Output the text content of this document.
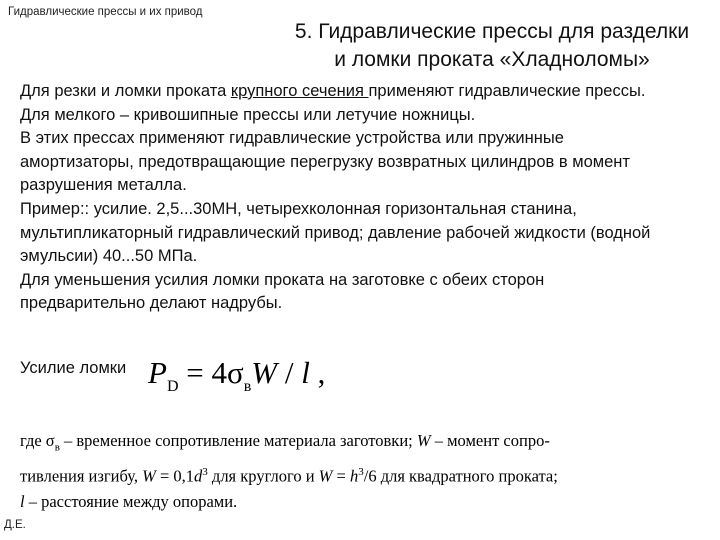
Гидравлические прессы и их привод
5. Гидравлические прессы для разделки
и ломки проката «Хладноломы»

Для резки и ломки проката крупного сечения применяют гидравлические прессы. Для мелкого – кривошипные прессы или летучие ножницы.

В этих прессах применяют гидравлические устройства или пружинные амортизаторы, предотвращающие перегрузку возвратных цилиндров в момент разрушения металла.

Пример:: усилие. 2,5...30МН, четырехколонная горизонтальная станина, мультипликаторный гидравлический привод; давление рабочей жидкости (водной эмульсии) 40...50 МПа.

Для уменьшения усилия ломки проката на заготовке с обеих сторон предварительно делают надрубы.

Усилие ломки $P_D = 4\sigma_вW / l$ ,
где $\sigma_в$ – временное сопротивление материала заготовки; W – момент сопро-
тивления изгибу, $W = 0,1d^3$ для круглого и $W = h^3/6$ для квадратного проката;
l – расстояние между опорами.
Д.Е.
